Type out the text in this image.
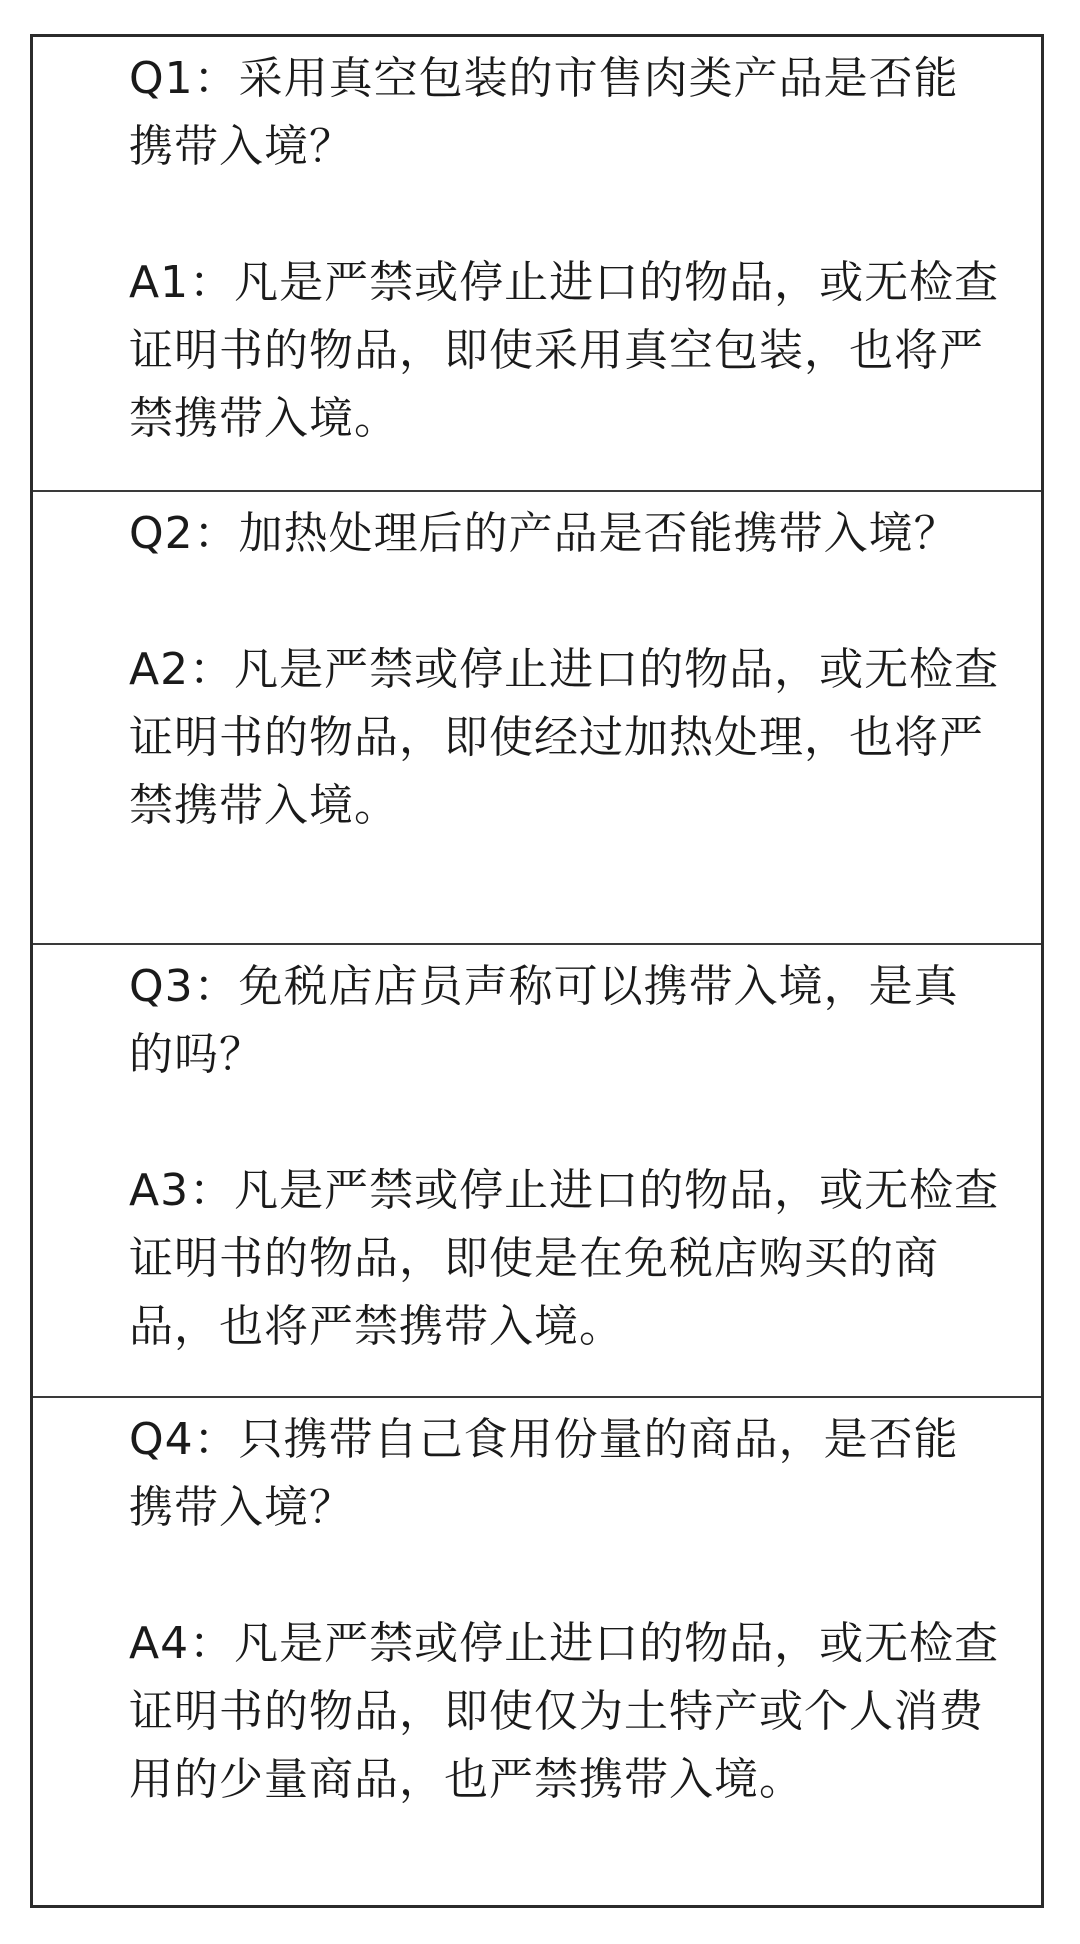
Q1：采用真空包装的市售肉类产品是否能携带入境？

A1：凡是严禁或停止进口的物品，或无检查证明书的物品，即使采用真空包装，也将严禁携带入境。

Q2：加热处理后的产品是否能携带入境？

A2：凡是严禁或停止进口的物品，或无检查证明书的物品，即使经过加热处理，也将严禁携带入境。

Q3：免税店店员声称可以携带入境，是真的吗？

A3：凡是严禁或停止进口的物品，或无检查证明书的物品，即使是在免税店购买的商品，也将严禁携带入境。

Q4：只携带自己食用份量的商品，是否能携带入境？

A4：凡是严禁或停止进口的物品，或无检查证明书的物品，即使仅为土特产或个人消费用的少量商品，也严禁携带入境。
